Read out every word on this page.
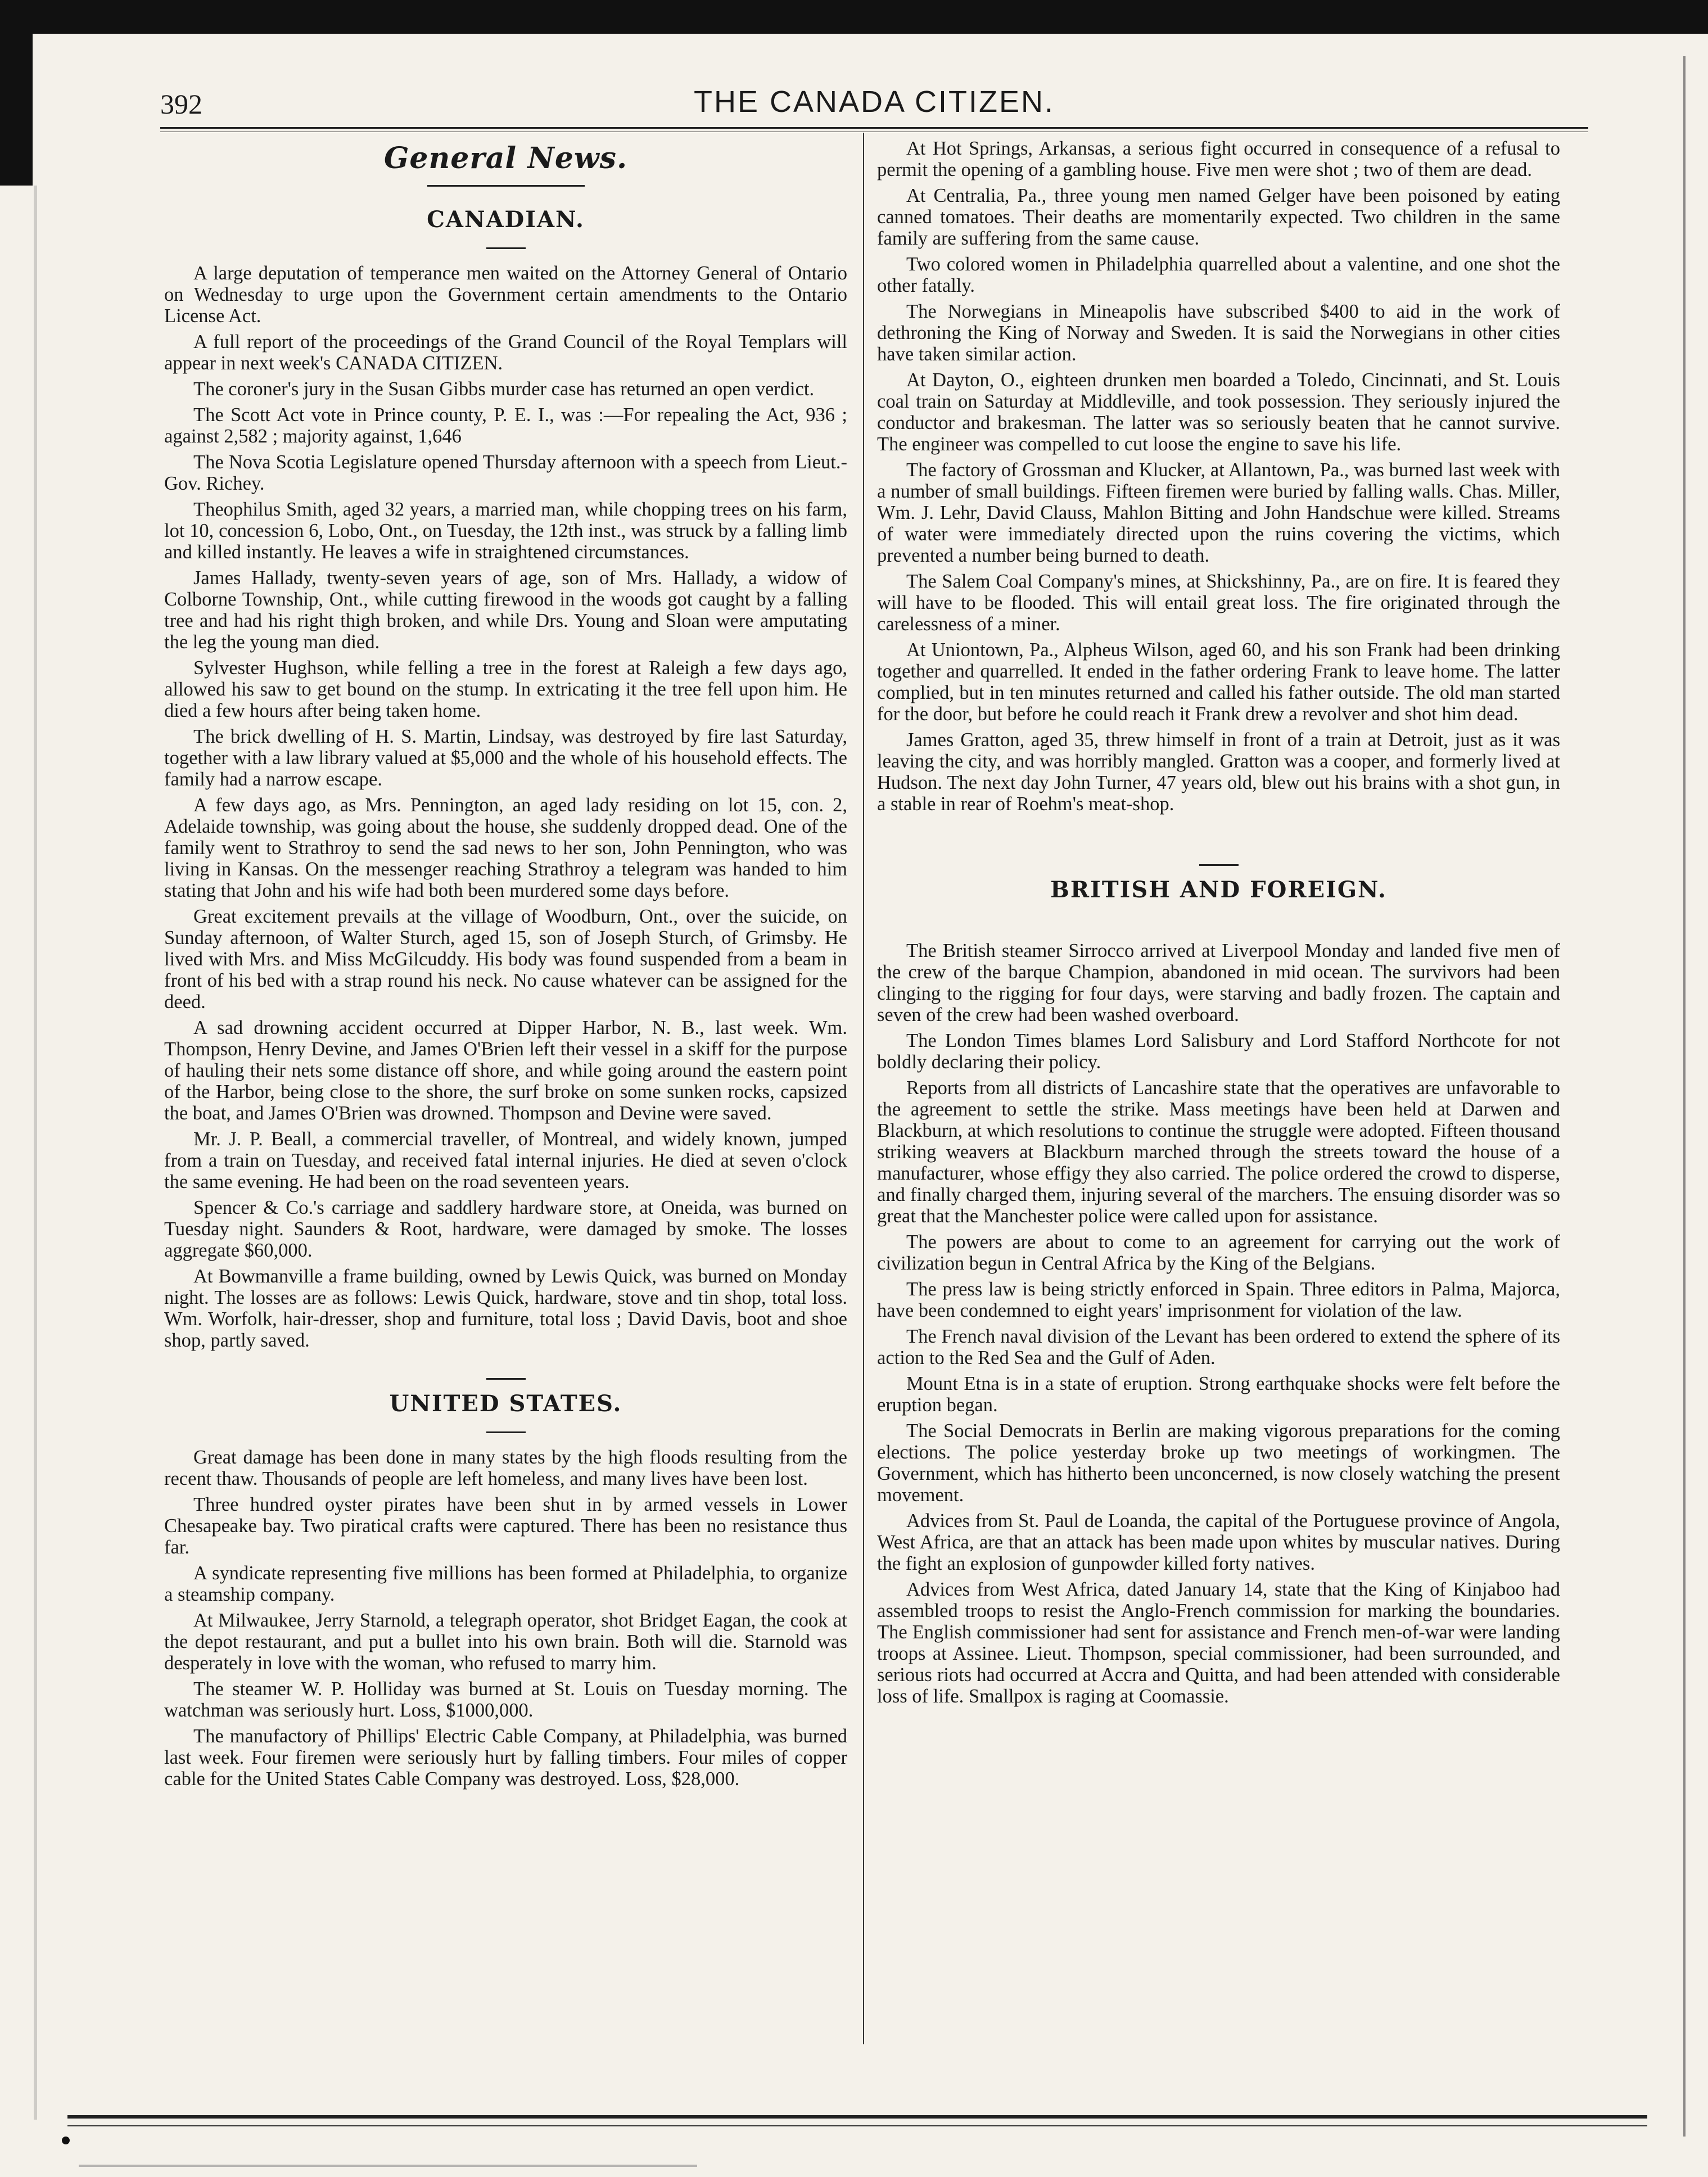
392	THE CANADA CITIZEN.
General News.
CANADIAN.

A large deputation of temperance men waited on the Attorney General of Ontario on Wednesday to urge upon the Government certain amendments to the Ontario License Act.

A full report of the proceedings of the Grand Council of the Royal Templars will appear in next week's CANADA CITIZEN.

The coroner's jury in the Susan Gibbs murder case has returned an open verdict.

The Scott Act vote in Prince county, P. E. I., was :—For repealing the Act, 936 ; against 2,582 ; majority against, 1,646

The Nova Scotia Legislature opened Thursday afternoon with a speech from Lieut.-Gov. Richey.

Theophilus Smith, aged 32 years, a married man, while chopping trees on his farm, lot 10, concession 6, Lobo, Ont., on Tuesday, the 12th inst., was struck by a falling limb and killed instantly. He leaves a wife in straightened circumstances.

James Hallady, twenty-seven years of age, son of Mrs. Hallady, a widow of Colborne Township, Ont., while cutting firewood in the woods got caught by a falling tree and had his right thigh broken, and while Drs. Young and Sloan were amputating the leg the young man died.

Sylvester Hughson, while felling a tree in the forest at Raleigh a few days ago, allowed his saw to get bound on the stump. In extricating it the tree fell upon him. He died a few hours after being taken home.

The brick dwelling of H. S. Martin, Lindsay, was destroyed by fire last Saturday, together with a law library valued at $5,000 and the whole of his household effects. The family had a narrow escape.

A few days ago, as Mrs. Pennington, an aged lady residing on lot 15, con. 2, Adelaide township, was going about the house, she suddenly dropped dead. One of the family went to Strathroy to send the sad news to her son, John Pennington, who was living in Kansas. On the messenger reaching Strathroy a telegram was handed to him stating that John and his wife had both been murdered some days before.

Great excitement prevails at the village of Woodburn, Ont., over the suicide, on Sunday afternoon, of Walter Sturch, aged 15, son of Joseph Sturch, of Grimsby. He lived with Mrs. and Miss McGilcuddy. His body was found suspended from a beam in front of his bed with a strap round his neck. No cause whatever can be assigned for the deed.

A sad drowning accident occurred at Dipper Harbor, N. B., last week. Wm. Thompson, Henry Devine, and James O'Brien left their vessel in a skiff for the purpose of hauling their nets some distance off shore, and while going around the eastern point of the Harbor, being close to the shore, the surf broke on some sunken rocks, capsized the boat, and James O'Brien was drowned. Thompson and Devine were saved.

Mr. J. P. Beall, a commercial traveller, of Montreal, and widely known, jumped from a train on Tuesday, and received fatal internal injuries. He died at seven o'clock the same evening. He had been on the road seventeen years.

Spencer & Co.'s carriage and saddlery hardware store, at Oneida, was burned on Tuesday night. Saunders & Root, hardware, were damaged by smoke. The losses aggregate $60,000.

At Bowmanville a frame building, owned by Lewis Quick, was burned on Monday night. The losses are as follows: Lewis Quick, hardware, stove and tin shop, total loss. Wm. Worfolk, hair-dresser, shop and furniture, total loss ; David Davis, boot and shoe shop, partly saved.

UNITED STATES.

Great damage has been done in many states by the high floods resulting from the recent thaw. Thousands of people are left homeless, and many lives have been lost.

Three hundred oyster pirates have been shut in by armed vessels in Lower Chesapeake bay. Two piratical crafts were captured. There has been no resistance thus far.

A syndicate representing five millions has been formed at Philadelphia, to organize a steamship company.

At Milwaukee, Jerry Starnold, a telegraph operator, shot Bridget Eagan, the cook at the depot restaurant, and put a bullet into his own brain. Both will die. Starnold was desperately in love with the woman, who refused to marry him.

The steamer W. P. Holliday was burned at St. Louis on Tuesday morning. The watchman was seriously hurt. Loss, $1000,000.

The manufactory of Phillips' Electric Cable Company, at Philadelphia, was burned last week. Four firemen were seriously hurt by falling timbers. Four miles of copper cable for the United States Cable Company was destroyed. Loss, $28,000.

At Hot Springs, Arkansas, a serious fight occurred in consequence of a refusal to permit the opening of a gambling house. Five men were shot ; two of them are dead.

At Centralia, Pa., three young men named Gelger have been poisoned by eating canned tomatoes. Their deaths are momentarily expected. Two children in the same family are suffering from the same cause.

Two colored women in Philadelphia quarrelled about a valentine, and one shot the other fatally.

The Norwegians in Mineapolis have subscribed $400 to aid in the work of dethroning the King of Norway and Sweden. It is said the Norwegians in other cities have taken similar action.

At Dayton, O., eighteen drunken men boarded a Toledo, Cincinnati, and St. Louis coal train on Saturday at Middleville, and took possession. They seriously injured the conductor and brakesman. The latter was so seriously beaten that he cannot survive. The engineer was compelled to cut loose the engine to save his life.

The factory of Grossman and Klucker, at Allantown, Pa., was burned last week with a number of small buildings. Fifteen firemen were buried by falling walls. Chas. Miller, Wm. J. Lehr, David Clauss, Mahlon Bitting and John Handschue were killed. Streams of water were immediately directed upon the ruins covering the victims, which prevented a number being burned to death.

The Salem Coal Company's mines, at Shickshinny, Pa., are on fire. It is feared they will have to be flooded. This will entail great loss. The fire originated through the carelessness of a miner.

At Uniontown, Pa., Alpheus Wilson, aged 60, and his son Frank had been drinking together and quarrelled. It ended in the father ordering Frank to leave home. The latter complied, but in ten minutes returned and called his father outside. The old man started for the door, but before he could reach it Frank drew a revolver and shot him dead.

James Gratton, aged 35, threw himself in front of a train at Detroit, just as it was leaving the city, and was horribly mangled. Gratton was a cooper, and formerly lived at Hudson. The next day John Turner, 47 years old, blew out his brains with a shot gun, in a stable in rear of Roehm's meat-shop.

BRITISH AND FOREIGN.

The British steamer Sirrocco arrived at Liverpool Monday and landed five men of the crew of the barque Champion, abandoned in mid ocean. The survivors had been clinging to the rigging for four days, were starving and badly frozen. The captain and seven of the crew had been washed overboard.

The London Times blames Lord Salisbury and Lord Stafford Northcote for not boldly declaring their policy.

Reports from all districts of Lancashire state that the operatives are unfavorable to the agreement to settle the strike. Mass meetings have been held at Darwen and Blackburn, at which resolutions to continue the struggle were adopted. Fifteen thousand striking weavers at Blackburn marched through the streets toward the house of a manufacturer, whose effigy they also carried. The police ordered the crowd to disperse, and finally charged them, injuring several of the marchers. The ensuing disorder was so great that the Manchester police were called upon for assistance.

The powers are about to come to an agreement for carrying out the work of civilization begun in Central Africa by the King of the Belgians.

The press law is being strictly enforced in Spain. Three editors in Palma, Majorca, have been condemned to eight years' imprisonment for violation of the law.

The French naval division of the Levant has been ordered to extend the sphere of its action to the Red Sea and the Gulf of Aden.

Mount Etna is in a state of eruption. Strong earthquake shocks were felt before the eruption began.

The Social Democrats in Berlin are making vigorous preparations for the coming elections. The police yesterday broke up two meetings of workingmen. The Government, which has hitherto been unconcerned, is now closely watching the present movement.

Advices from St. Paul de Loanda, the capital of the Portuguese province of Angola, West Africa, are that an attack has been made upon whites by muscular natives. During the fight an explosion of gunpowder killed forty natives.

Advices from West Africa, dated January 14, state that the King of Kinjaboo had assembled troops to resist the Anglo-French commission for marking the boundaries. The English commissioner had sent for assistance and French men-of-war were landing troops at Assinee. Lieut. Thompson, special commissioner, had been surrounded, and serious riots had occurred at Accra and Quitta, and had been attended with considerable loss of life. Smallpox is raging at Coomassie.
